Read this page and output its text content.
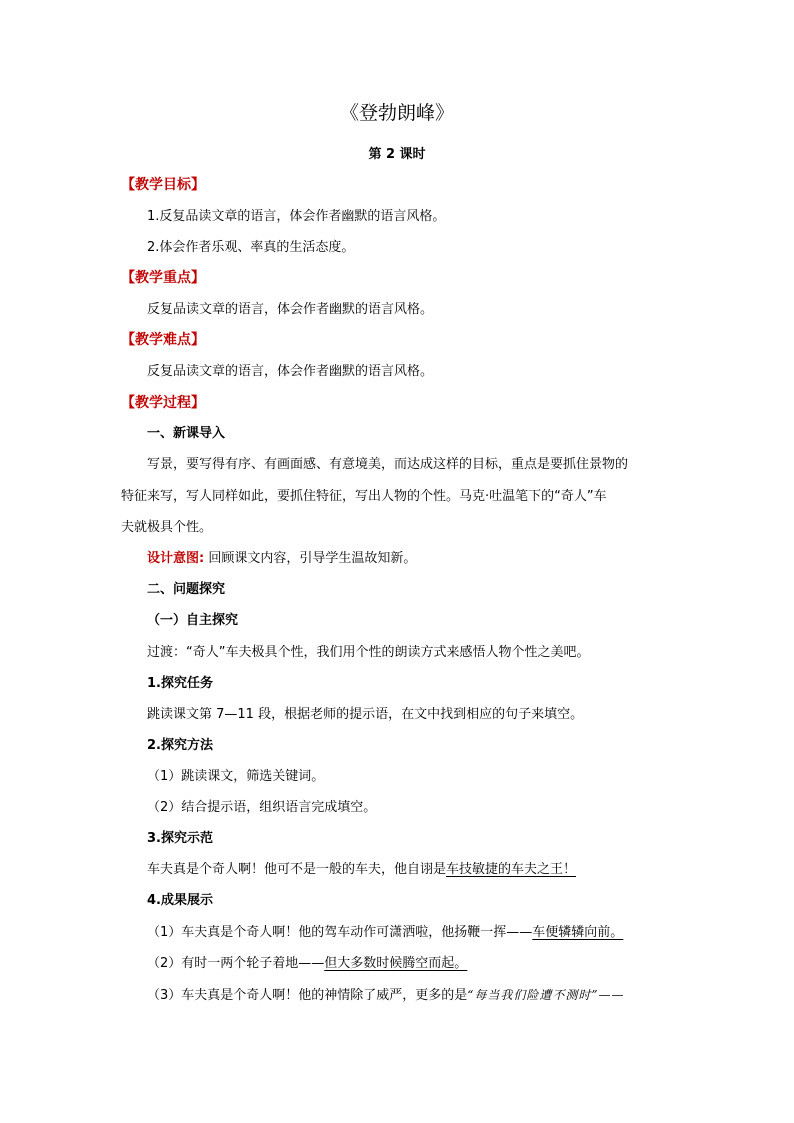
《登勃朗峰》
第 2 课时
【教学目标】
1.反复品读文章的语言，体会作者幽默的语言风格。
2.体会作者乐观、率真的生活态度。
【教学重点】
反复品读文章的语言，体会作者幽默的语言风格。
【教学难点】
反复品读文章的语言，体会作者幽默的语言风格。
【教学过程】
一、新课导入
写景，要写得有序、有画面感、有意境美，而达成这样的目标，重点是要抓住景物的
特征来写，写人同样如此，要抓住特征，写出人物的个性。马克·吐温笔下的“奇人”车
夫就极具个性。
设计意图: 回顾课文内容，引导学生温故知新。
二、问题探究
（一）自主探究
过渡：“奇人”车夫极具个性，我们用个性的朗读方式来感悟人物个性之美吧。
1.探究任务
跳读课文第 7—11 段，根据老师的提示语，在文中找到相应的句子来填空。
2.探究方法
（1）跳读课文，筛选关键词。
（2）结合提示语，组织语言完成填空。
3.探究示范
车夫真是个奇人啊！他可不是一般的车夫，他自诩是车技敏捷的车夫之王！
4.成果展示
（1）车夫真是个奇人啊！他的驾车动作可潇洒啦，他扬鞭一挥——车便辚辚向前。
（2）有时一两个轮子着地——但大多数时候腾空而起。
（3）车夫真是个奇人啊！他的神情除了威严，更多的是“每当我们险遭不测时”——
